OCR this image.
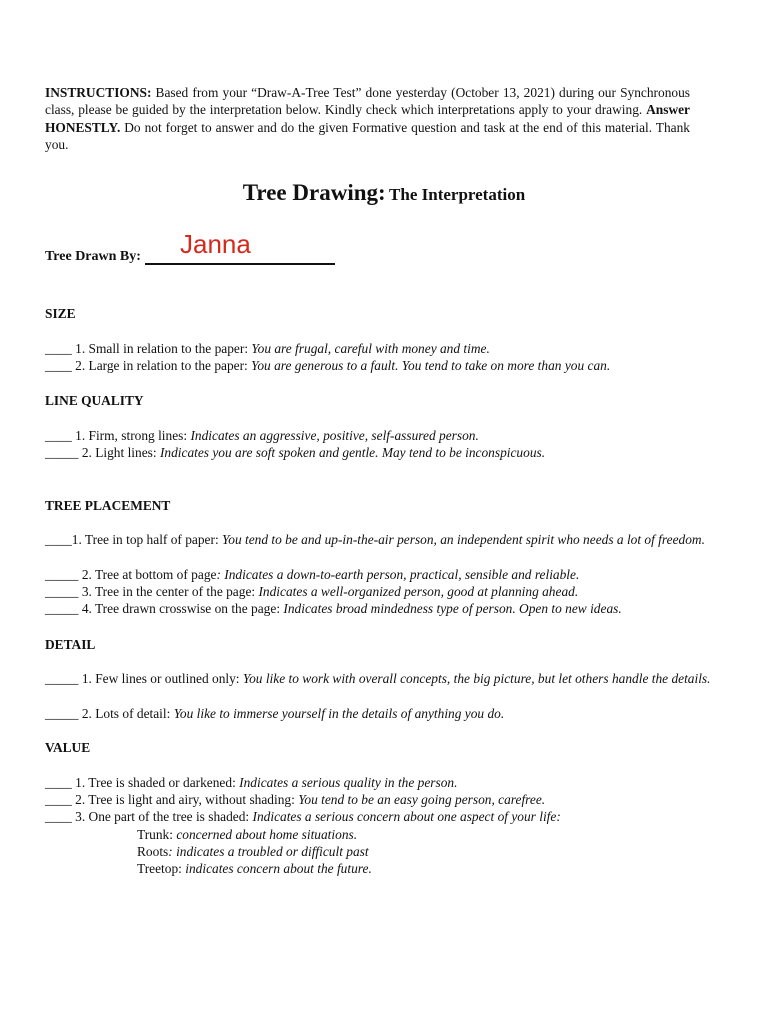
INSTRUCTIONS: Based from your “Draw-A-Tree Test” done yesterday (October 13, 2021) during our Synchronous class, please be guided by the interpretation below. Kindly check which interpretations apply to your drawing. Answer HONESTLY. Do not forget to answer and do the given Formative question and task at the end of this material. Thank you.
Tree Drawing: The Interpretation
Tree Drawn By:	Janna
SIZE
____ 1. Small in relation to the paper: You are frugal, careful with money and time.
____ 2. Large in relation to the paper: You are generous to a fault. You tend to take on more than you can.
LINE QUALITY
____ 1. Firm, strong lines: Indicates an aggressive, positive, self-assured person.
_____ 2. Light lines: Indicates you are soft spoken and gentle. May tend to be inconspicuous.
TREE PLACEMENT
____1. Tree in top half of paper: You tend to be and up-in-the-air person, an independent spirit who needs a lot of freedom.
_____ 2. Tree at bottom of page: Indicates a down-to-earth person, practical, sensible and reliable.
_____ 3. Tree in the center of the page: Indicates a well-organized person, good at planning ahead.
_____ 4. Tree drawn crosswise on the page: Indicates broad mindedness type of person. Open to new ideas.
DETAIL
_____ 1. Few lines or outlined only: You like to work with overall concepts, the big picture, but let others handle the details.
_____ 2. Lots of detail: You like to immerse yourself in the details of anything you do.
VALUE
____ 1. Tree is shaded or darkened: Indicates a serious quality in the person.
____ 2. Tree is light and airy, without shading: You tend to be an easy going person, carefree.
____ 3. One part of the tree is shaded: Indicates a serious concern about one aspect of your life:
Trunk: concerned about home situations.
Roots: indicates a troubled or difficult past
Treetop: indicates concern about the future.
